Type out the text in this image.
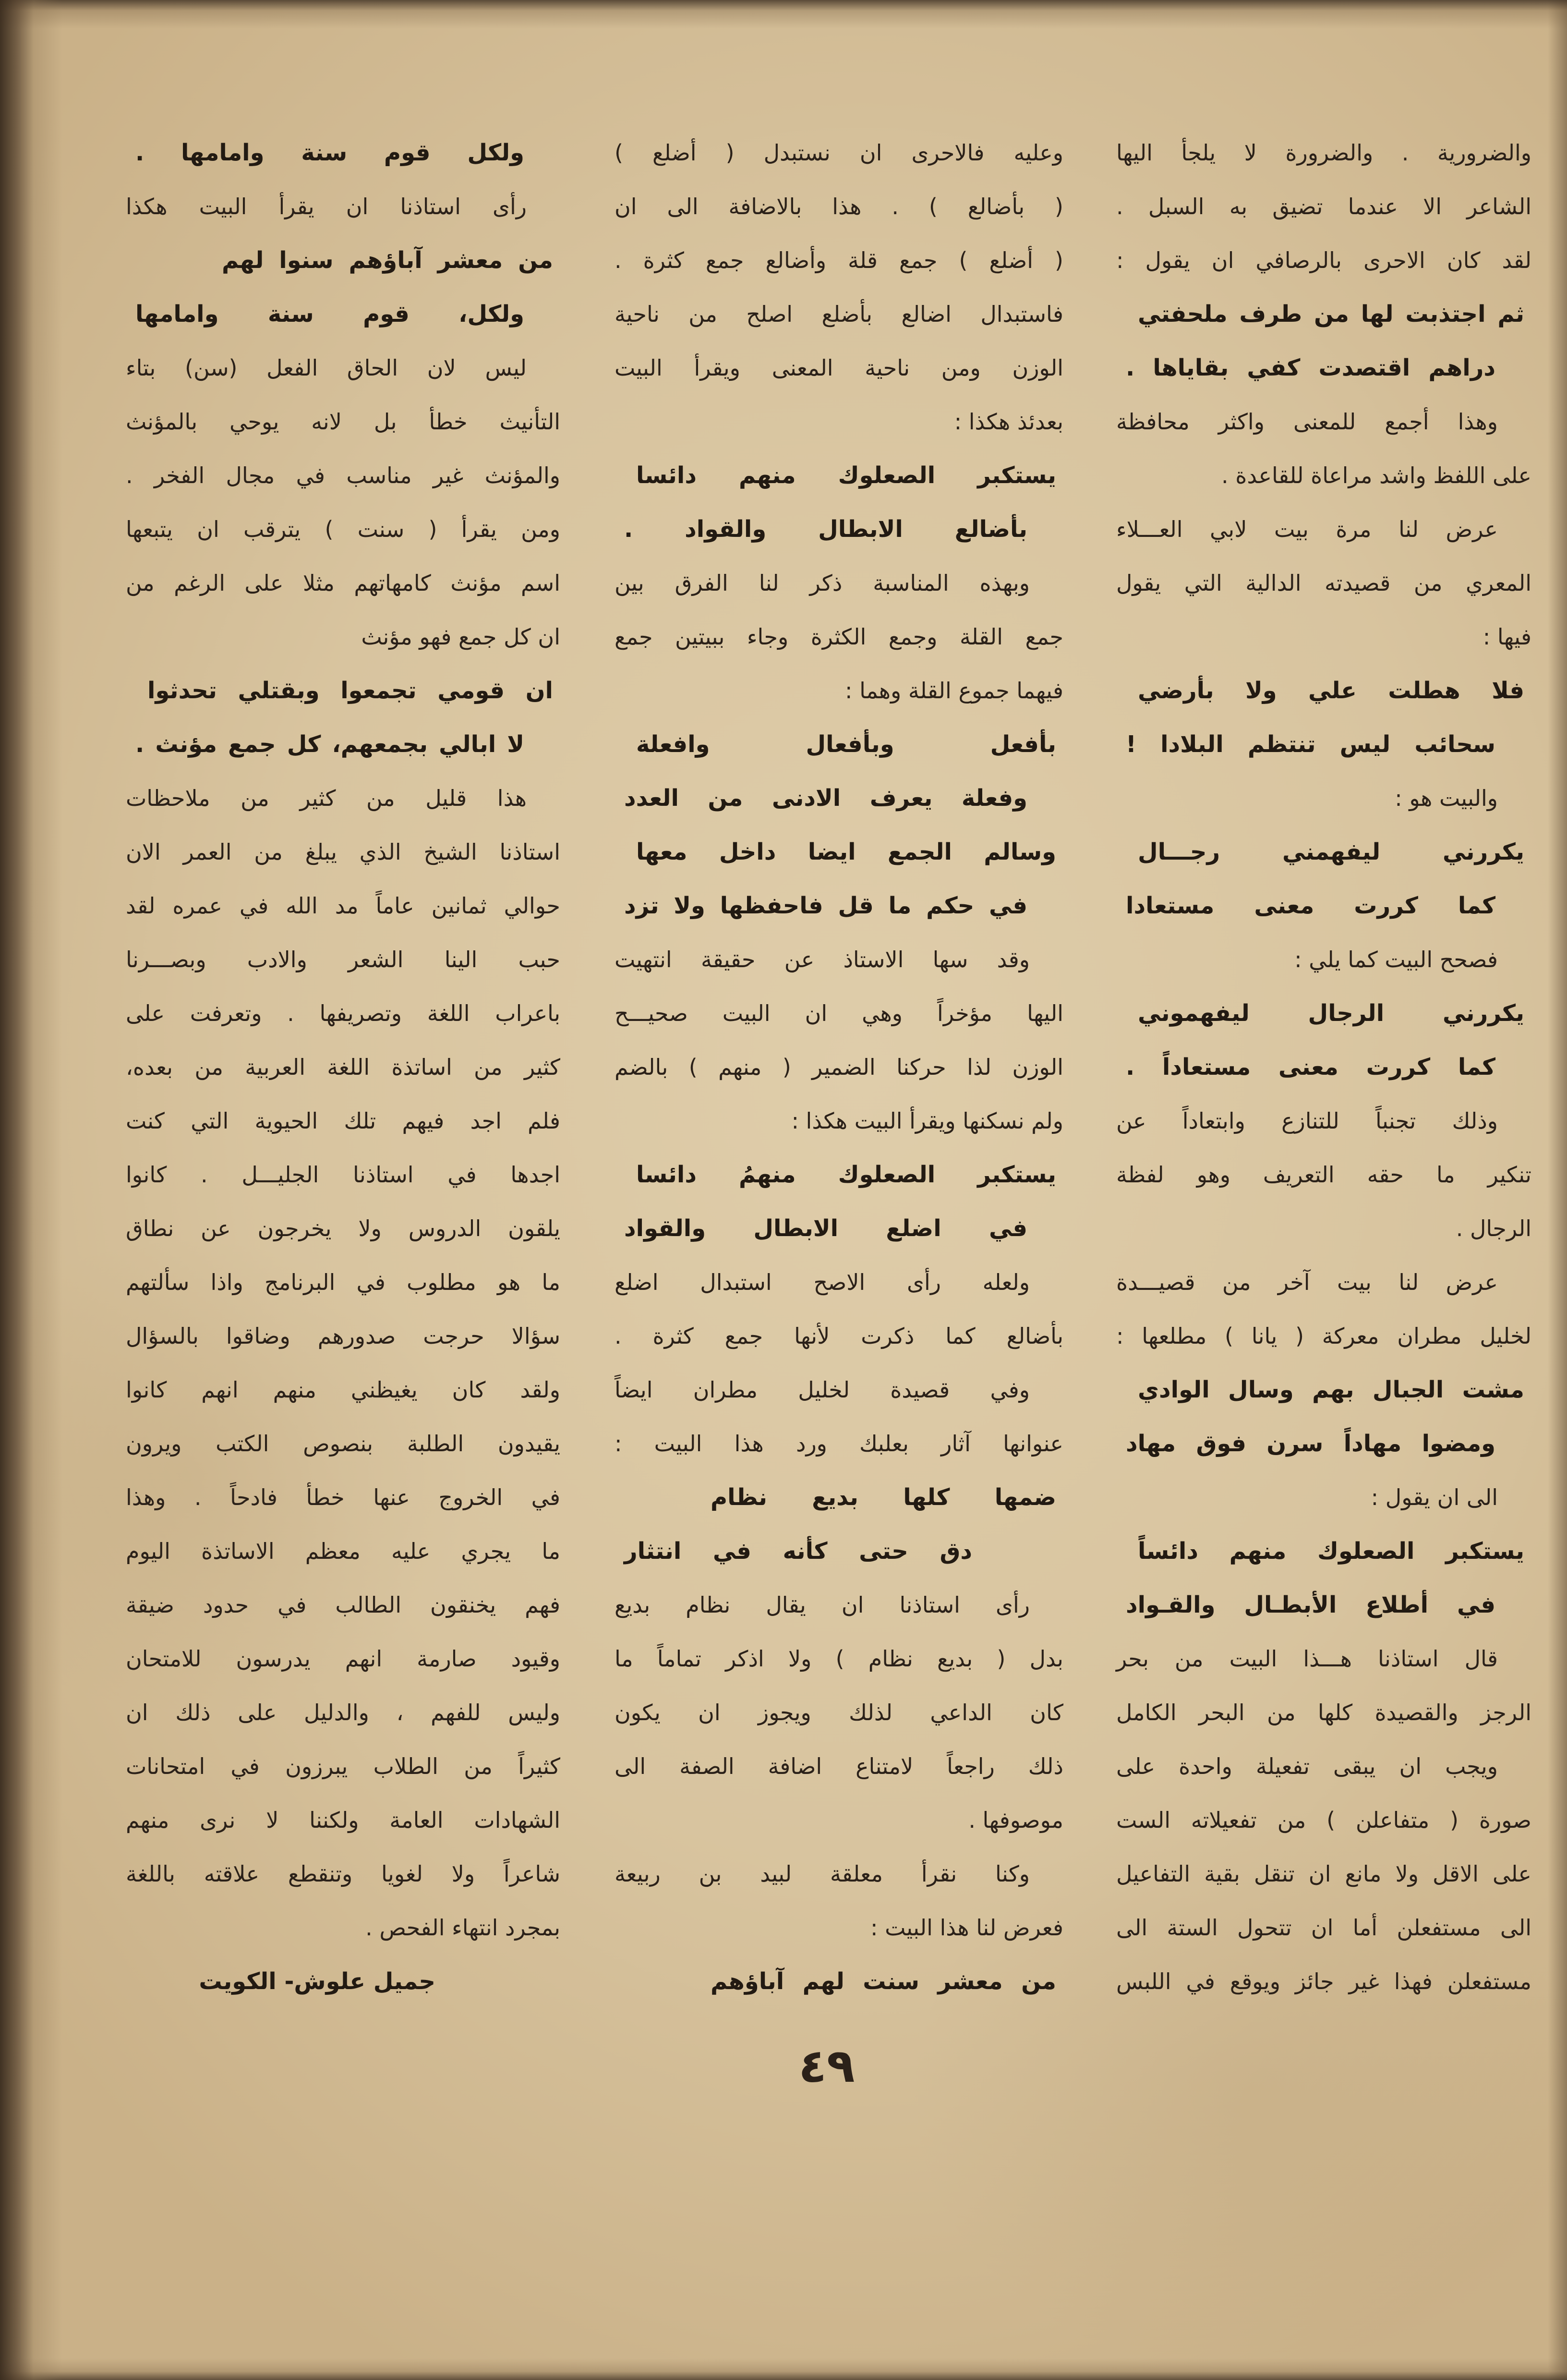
والضرورية . والضرورة لا يلجأ اليها
الشاعر الا عندما تضيق به السبل .
لقد كان الاحرى بالرصافي ان يقول :
ثم اجتذبت لها من طرف ملحفتي
دراهم اقتصدت كفي بقاياها .
وهذا أجمع للمعنى واكثر محافظة
على اللفظ واشد مراعاة للقاعدة .
عرض لنا مرة بيت لابي العـــلاء
المعري من قصيدته الدالية التي يقول
فيها :
فلا هطلت علي ولا بأرضي
سحائب ليس تنتظم البلادا !
والبيت هو :
يكررني ليفهمني رجـــال
كما كررت معنى مستعادا
فصحح البيت كما يلي :
يكررني الرجال ليفهموني
كما كررت معنى مستعاداً .
وذلك تجنباً للتنازع وابتعاداً عن
تنكير ما حقه التعريف وهو لفظة
الرجال .
عرض لنا بيت آخر من قصيـــدة
لخليل مطران معركة ( يانا ) مطلعها :
مشت الجبال بهم وسال الوادي
ومضوا مهاداً سرن فوق مهاد
الى ان يقول :
يستكبر الصعلوك منهم دائساً
في أطلاع الأبطـال والقـواد
قال استاذنا هـــذا البيت من بحر
الرجز والقصيدة كلها من البحر الكامل
ويجب ان يبقى تفعيلة واحدة على
صورة ( متفاعلن ) من تفعيلاته الست
على الاقل ولا مانع ان تنقل بقية التفاعيل
الى مستفعلن أما ان تتحول الستة الى
مستفعلن فهذا غير جائز ويوقع في اللبس
وعليه فالاحرى ان نستبدل ( أضلع )
( بأضالع ) . هذا بالاضافة الى ان
( أضلع ) جمع قلة وأضالع جمع كثرة .
فاستبدال اضالع بأضلع اصلح من ناحية
الوزن ومن ناحية المعنى ويقرأ البيت
بعدئذ هكذا :
يستكبر الصعلوك منهم دائسا
بأضالع الابطال والقواد .
وبهذه المناسبة ذكر لنا الفرق بين
جمع القلة وجمع الكثرة وجاء ببيتين جمع
فيهما جموع القلة وهما :
بأفعل وبأفعال وافعلة
وفعلة يعرف الادنى من العدد
وسالم الجمع ايضا داخل معها
في حكم ما قل فاحفظها ولا تزد
وقد سها الاستاذ عن حقيقة انتهيت
اليها مؤخراً وهي ان البيت صحيـــح
الوزن لذا حركنا الضمير ( منهم ) بالضم
ولم نسكنها ويقرأ البيت هكذا :
يستكبر الصعلوك منهمُ دائسا
في اضلع الابطال والقواد
ولعله رأى الاصح استبدال اضلع
بأضالع كما ذكرت لأنها جمع كثرة .
وفي قصيدة لخليل مطران ايضاً
عنوانها آثار بعلبك ورد هذا البيت :
ضمها كلها بديع نظام
دق حتى كأنه في انتثار
رأى استاذنا ان يقال نظام بديع
بدل ( بديع نظام ) ولا اذكر تماماً ما
كان الداعي لذلك ويجوز ان يكون
ذلك راجعاً لامتناع اضافة الصفة الى
موصوفها .
وكنا نقرأ معلقة لبيد بن ربيعة
فعرض لنا هذا البيت :
من معشر سنت لهم آباؤهم
ولكل قوم سنة وامامها .
رأى استاذنا ان يقرأ البيت هكذا
من معشر آباؤهم سنوا لهم
ولكل، قوم سنة وامامها
ليس لان الحاق الفعل (سن) بتاء
التأنيث خطأ بل لانه يوحي بالمؤنث
والمؤنث غير مناسب في مجال الفخر .
ومن يقرأ ( سنت ) يترقب ان يتبعها
اسم مؤنث كامهاتهم مثلا على الرغم من
ان كل جمع فهو مؤنث
ان قومي تجمعوا وبقتلي تحدثوا
لا ابالي بجمعهم، كل جمع مؤنث .
هذا قليل من كثير من ملاحظات
استاذنا الشيخ الذي يبلغ من العمر الان
حوالي ثمانين عاماً مد الله في عمره لقد
حبب الينا الشعر والادب وبصـــرنا
باعراب اللغة وتصريفها . وتعرفت على
كثير من اساتذة اللغة العربية من بعده،
فلم اجد فيهم تلك الحيوية التي كنت
اجدها في استاذنا الجليـــل . كانوا
يلقون الدروس ولا يخرجون عن نطاق
ما هو مطلوب في البرنامج واذا سألتهم
سؤالا حرجت صدورهم وضاقوا بالسؤال
ولقد كان يغيظني منهم انهم كانوا
يقيدون الطلبة بنصوص الكتب ويرون
في الخروج عنها خطأ فادحاً . وهذا
ما يجري عليه معظم الاساتذة اليوم
فهم يخنقون الطالب في حدود ضيقة
وقيود صارمة انهم يدرسون للامتحان
وليس للفهم ، والدليل على ذلك ان
كثيراً من الطلاب يبرزون في امتحانات
الشهادات العامة ولكننا لا نرى منهم
شاعراً ولا لغويا وتنقطع علاقته باللغة
بمجرد انتهاء الفحص .
جميل علوش- الكويت
٤٩
